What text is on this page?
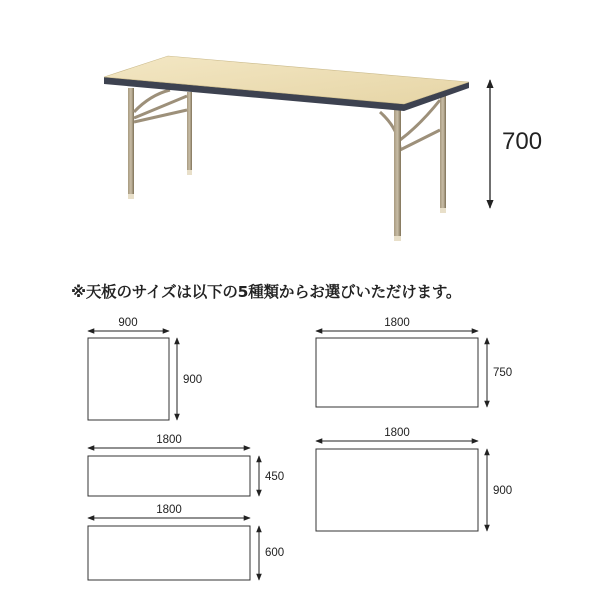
700
900
900
1800
450
1800
600
1800
750
1800
900
※天板のサイズは以下の5種類からお選びいただけます。
